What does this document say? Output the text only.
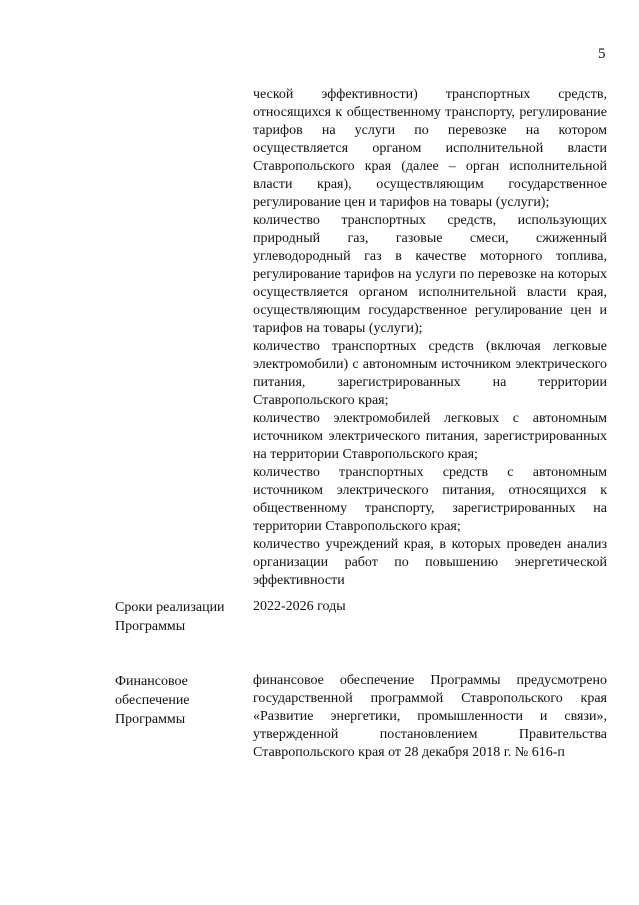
5

ческой эффективности) транспортных средств, относящихся к общественному транспорту, регулирование тарифов на услуги по перевозке на котором осуществляется органом исполнительной власти Ставропольского края (далее – орган исполнительной власти края), осуществляющим государственное регулирование цен и тарифов на товары (услуги);

количество транспортных средств, использующих природный газ, газовые смеси, сжиженный углеводородный газ в качестве моторного топлива, регулирование тарифов на услуги по перевозке на которых осуществляется органом исполнительной власти края, осуществляющим государственное регулирование цен и тарифов на товары (услуги);

количество транспортных средств (включая легковые электромобили) с автономным источником электрического питания, зарегистрированных на территории Ставропольского края;

количество электромобилей легковых с автономным источником электрического питания, зарегистрированных на территории Ставропольского края;

количество транспортных средств с автономным источником электрического питания, относящихся к общественному транспорту, зарегистрированных на территории Ставропольского края;

количество учреждений края, в которых проведен анализ организации работ по повышению энергетической эффективности

Сроки реализации Программы
2022-2026 годы
Финансовое обеспечение Программы
финансовое обеспечение Программы предусмотрено государственной программой Ставропольского края «Развитие энергетики, промышленности и связи», утвержденной постановлением Правительства Ставропольского края от 28 декабря 2018 г. № 616-п
